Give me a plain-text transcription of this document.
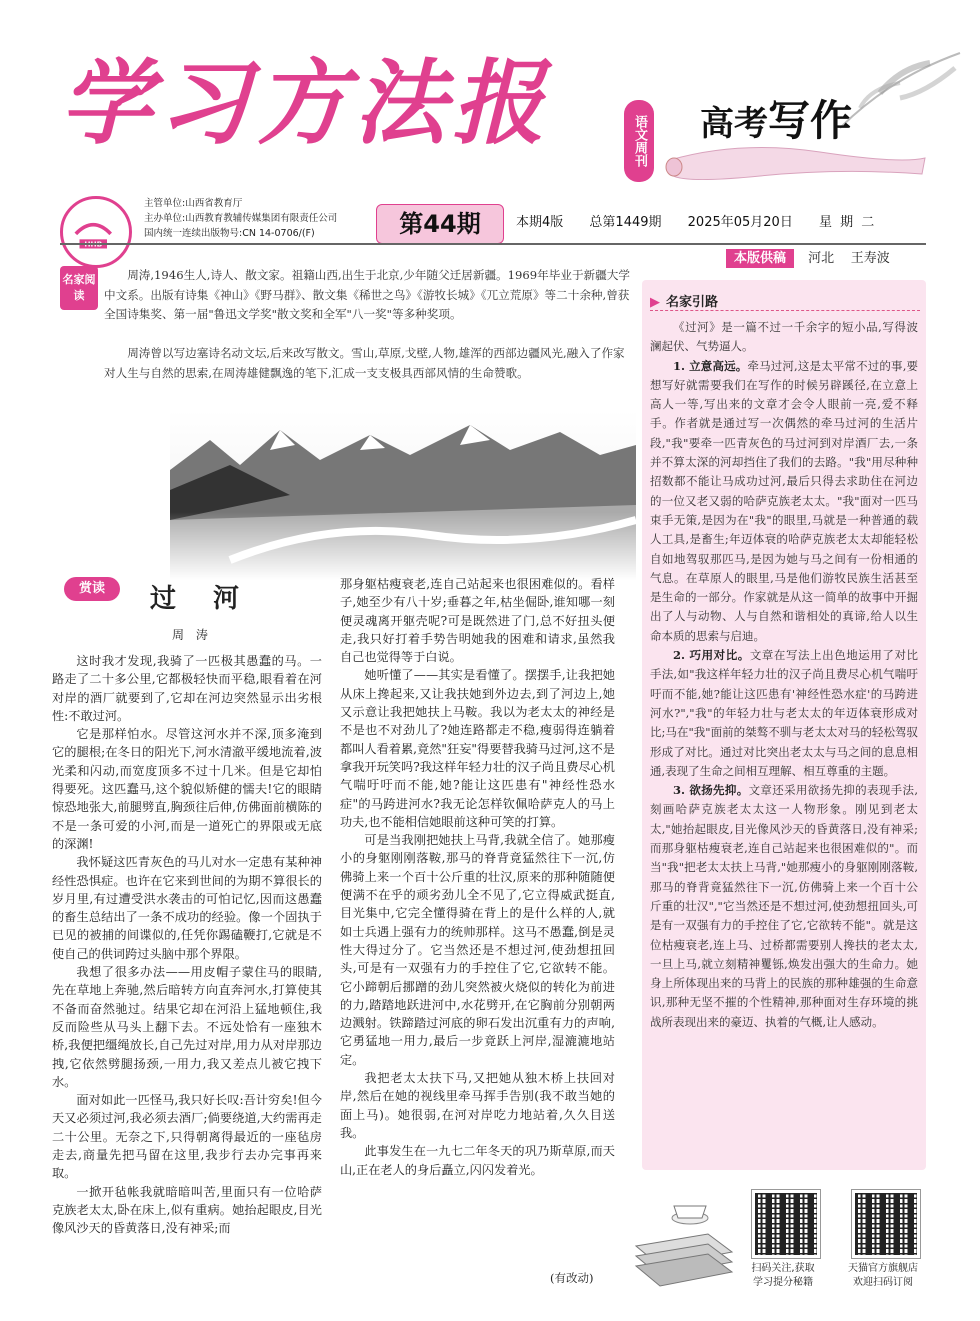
学习方法报	语文周刊 高考写作
主管单位:山西省教育厅
主办单位:山西教育教辅传媒集团有限责任公司
国内统一连续出版物号:CN 14-0706/(F)	第44期	本期4版 总第1449期 2025年05月20日 星 期 二
本版供稿 河北 王寿波
名家阅读

周涛,1946生人,诗人、散文家。祖籍山西,出生于北京,少年随父迁居新疆。1969年毕业于新疆大学中文系。出版有诗集《神山》《野马群》、散文集《稀世之鸟》《游牧长城》《兀立荒原》等二十余种,曾获全国诗集奖、第一届"鲁迅文学奖"散文奖和全军"八一奖"等多种奖项。

周涛曾以写边塞诗名动文坛,后来改写散文。雪山,草原,戈壁,人物,雄浑的西部边疆风光,融入了作家对人生与自然的思索,在周涛雄健飘逸的笔下,汇成一支支极具西部风情的生命赞歌。

赏读	过 河
周 涛

这时我才发现,我骑了一匹极其愚蠢的马。一路走了二十多公里,它都极轻快而平稳,眼看着在河对岸的酒厂就要到了,它却在河边突然显示出劣根性:不敢过河。

它是那样怕水。尽管这河水并不深,顶多淹到它的腿根;在冬日的阳光下,河水清澈平缓地流着,波光柔和闪动,而宽度顶多不过十几米。但是它却怕得要死。这匹蠢马,这个貌似矫健的懦夫!它的眼睛惊恐地张大,前腿劈直,胸颈往后伸,仿佛面前横陈的不是一条可爱的小河,而是一道死亡的界限或无底的深渊!

我怀疑这匹青灰色的马儿对水一定患有某种神经性恐惧症。也许在它来到世间的为期不算很长的岁月里,有过遭受洪水袭击的可怕记忆,因而这愚蠢的畜生总结出了一条不成功的经验。像一个固执于已见的被捕的间谍似的,任凭你踢磕鞭打,它就是不使自己的供词跨过头脑中那个界限。

我想了很多办法——用皮帽子蒙住马的眼睛,先在草地上奔驰,然后暗转方向直奔河水,打算使其不备而奋然驰过。结果它却在河沿上猛地顿住,我反而险些从马头上翻下去。不远处恰有一座独木桥,我便把缰绳放长,自己先过对岸,用力从对岸那边拽,它依然劈腿扬颈,一用力,我又差点儿被它拽下水。

面对如此一匹怪马,我只好长叹:吾计穷矣!但今天又必须过河,我必须去酒厂;倘要绕道,大约需再走二十公里。无奈之下,只得朝离得最近的一座毡房走去,商量先把马留在这里,我步行去办完事再来取。

一掀开毡帐我就暗暗叫苦,里面只有一位哈萨克族老太太,卧在床上,似有重病。她抬起眼皮,目光像风沙天的昏黄落日,没有神采;而

那身躯枯瘦衰老,连自己站起来也很困难似的。看样子,她至少有八十岁;垂暮之年,枯坐倔卧,谁知哪一刻便灵魂离开躯壳呢?可是既然进了门,总不好扭头便走,我只好打着手势告明她我的困难和请求,虽然我自己也觉得等于白说。

她听懂了——其实是看懂了。摆摆手,让我把她从床上搀起来,又让我扶她到外边去,到了河边上,她又示意让我把她扶上马鞍。我以为老太太的神经是不是也不对劲儿了?她连路都走不稳,瘦弱得连躺着都叫人看着累,竟然"狂妄"得要替我骑马过河,这不是拿我开玩笑吗?我这样年轻力壮的汉子尚且费尽心机气喘吁吁而不能,她?能让这匹患有"神经性恐水症"的马跨进河水?我无论怎样钦佩哈萨克人的马上功夫,也不能相信她眼前这种可笑的打算。

可是当我刚把她扶上马背,我就全信了。她那瘦小的身躯刚刚落鞍,那马的脊背竟猛然往下一沉,仿佛骑上来一个百十公斤重的壮汉,原来的那种随随便便满不在乎的顽劣劲儿全不见了,它立得威武挺直,目光集中,它完全懂得骑在背上的是什么样的人,就如士兵遇上强有力的统帅那样。这马不愚蠢,倒是灵性大得过分了。它当然还是不想过河,使劲想扭回头,可是有一双强有力的手控住了它,它欲转不能。它小蹄朝后挪蹭的劲儿突然被火烧似的转化为前进的力,踏踏地跃进河中,水花劈开,在它胸前分别朝两边溅射。铁蹄踏过河底的卵石发出沉重有力的声响,它勇猛地一用力,最后一步竟跃上河岸,湿漉漉地站定。

我把老太太扶下马,又把她从独木桥上扶回对岸,然后在她的视线里牵马挥手告别(我不敢当她的面上马)。她很弱,在河对岸吃力地站着,久久目送我。

此事发生在一九七二年冬天的巩乃斯草原,而天山,正在老人的身后矗立,闪闪发着光。

(有改动)
▶ 名家引路

《过河》是一篇不过一千余字的短小品,写得波澜起伏、气势逼人。

1. 立意高远。牵马过河,这是太平常不过的事,要想写好就需要我们在写作的时候另辟蹊径,在立意上高人一等,写出来的文章才会令人眼前一亮,爱不释手。作者就是通过写一次偶然的牵马过河的生活片段,"我"要牵一匹青灰色的马过河到对岸酒厂去,一条并不算太深的河却挡住了我们的去路。"我"用尽种种招数都不能让马成功过河,最后只得去求助住在河边的一位又老又弱的哈萨克族老太太。"我"面对一匹马束手无策,是因为在"我"的眼里,马就是一种普通的载人工具,是畜生;年迈体衰的哈萨克族老太太却能轻松自如地驾驭那匹马,是因为她与马之间有一份相通的气息。在草原人的眼里,马是他们游牧民族生活甚至是生命的一部分。作家就是从这一简单的故事中开掘出了人与动物、人与自然和谐相处的真谛,给人以生命本质的思索与启迪。

2. 巧用对比。文章在写法上出色地运用了对比手法,如"我这样年轻力壮的汉子尚且费尽心机气喘吁吁而不能,她?能让这匹患有'神经性恐水症'的马跨进河水?","我"的年轻力壮与老太太的年迈体衰形成对比;马在"我"面前的桀骜不驯与老太太对马的轻松驾驭形成了对比。通过对比突出老太太与马之间的息息相通,表现了生命之间相互理解、相互尊重的主题。

3. 欲扬先抑。文章还采用欲扬先抑的表现手法,刻画哈萨克族老太太这一人物形象。刚见到老太太,"她抬起眼皮,目光像风沙天的昏黄落日,没有神采;而那身躯枯瘦衰老,连自己站起来也很困难似的"。而当"我"把老太太扶上马背,"她那瘦小的身躯刚刚落鞍,那马的脊背竟猛然往下一沉,仿佛骑上来一个百十公斤重的壮汉","它当然还是不想过河,使劲想扭回头,可是有一双强有力的手控住了它,它欲转不能"。就是这位枯瘦衰老,连上马、过桥都需要别人搀扶的老太太,一旦上马,就立刻精神矍铄,焕发出强大的生命力。她身上所体现出来的马背上的民族的那种雄强的生命意识,那种无坚不摧的个性精神,那种面对生存环境的挑战所表现出来的豪迈、执着的气概,让人感动。

扫码关注,获取
学习提分秘籍
天猫官方旗舰店
欢迎扫码订阅
